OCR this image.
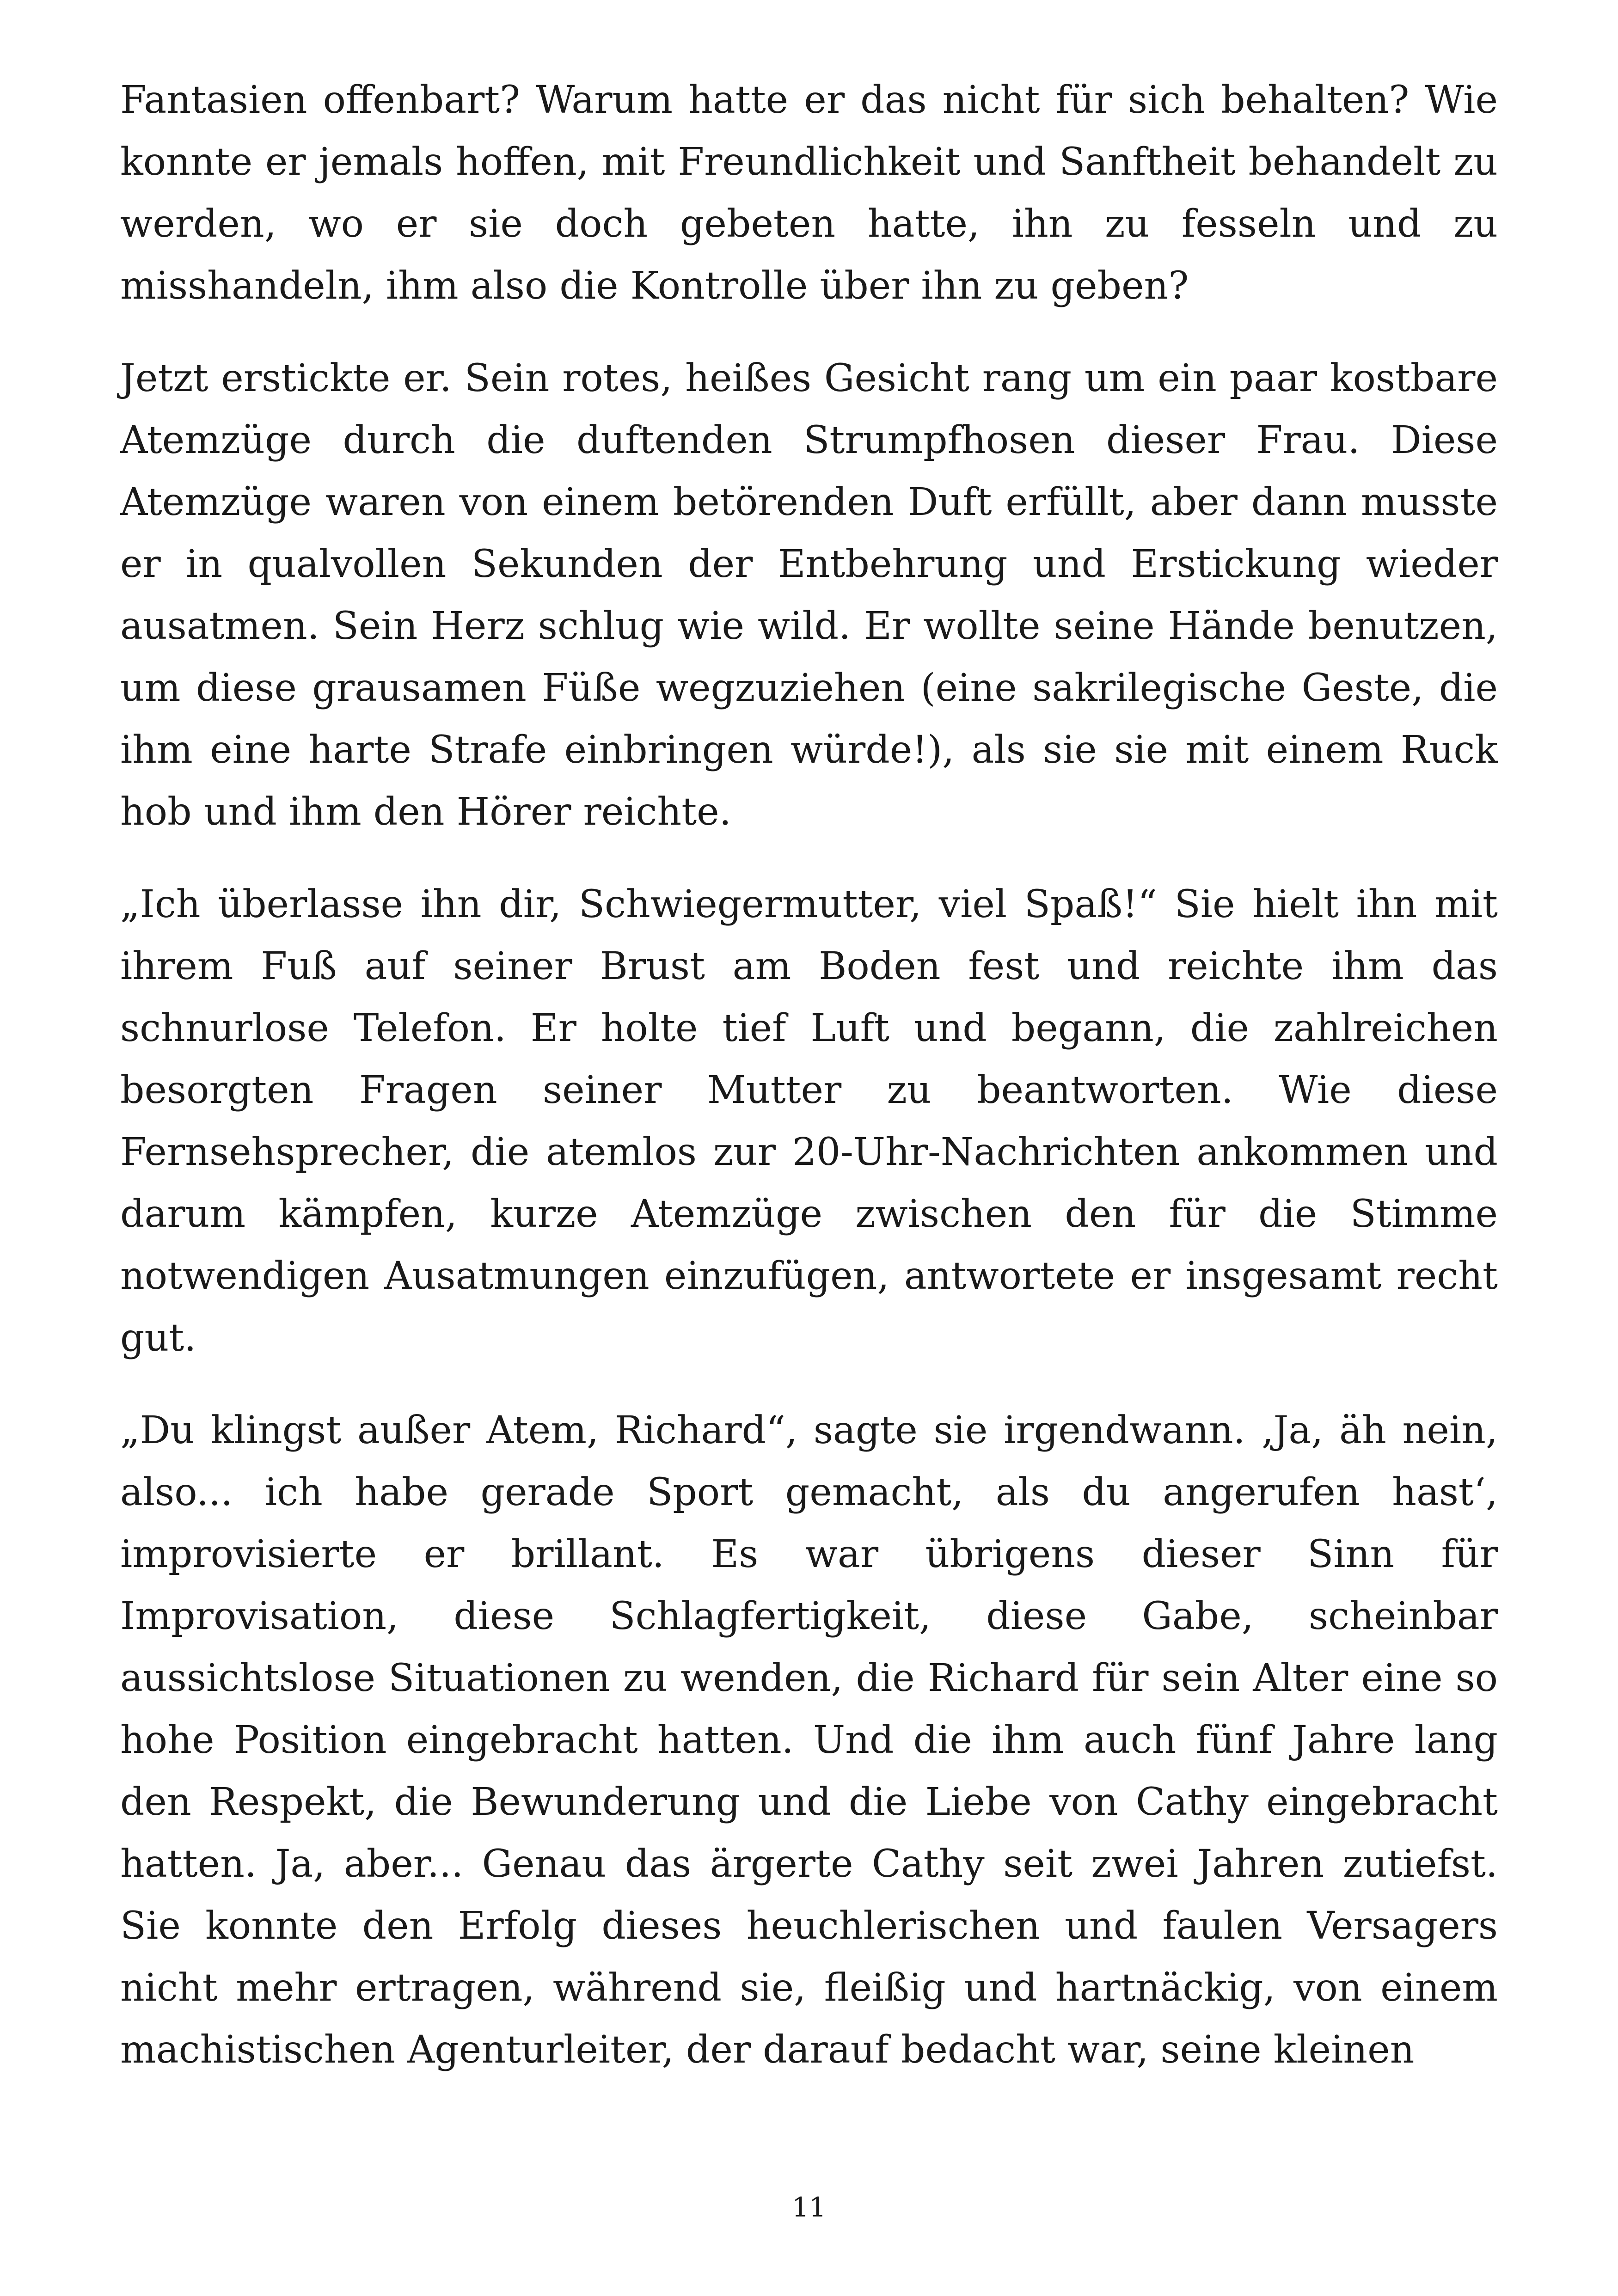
Fantasien offenbart? Warum hatte er das nicht für sich behalten? Wie konnte er jemals hoffen, mit Freundlichkeit und Sanftheit behandelt zu werden, wo er sie doch gebeten hatte, ihn zu fesseln und zu misshandeln, ihm also die Kontrolle über ihn zu geben?

Jetzt erstickte er. Sein rotes, heißes Gesicht rang um ein paar kostbare Atemzüge durch die duftenden Strumpfhosen dieser Frau. Diese Atemzüge waren von einem betörenden Duft erfüllt, aber dann musste er in qualvollen Sekunden der Entbehrung und Erstickung wieder ausatmen. Sein Herz schlug wie wild. Er wollte seine Hände benutzen, um diese grausamen Füße wegzuziehen (eine sakrilegische Geste, die ihm eine harte Strafe einbringen würde!), als sie sie mit einem Ruck hob und ihm den Hörer reichte.

„Ich überlasse ihn dir, Schwiegermutter, viel Spaß!“ Sie hielt ihn mit ihrem Fuß auf seiner Brust am Boden fest und reichte ihm das schnurlose Telefon. Er holte tief Luft und begann, die zahlreichen besorgten Fragen seiner Mutter zu beantworten. Wie diese Fernsehsprecher, die atemlos zur 20-Uhr-Nachrichten ankommen und darum kämpfen, kurze Atemzüge zwischen den für die Stimme notwendigen Ausatmungen einzufügen, antwortete er insgesamt recht gut.

„Du klingst außer Atem, Richard“, sagte sie irgendwann. ‚Ja, äh nein, also... ich habe gerade Sport gemacht, als du angerufen hast‘, improvisierte er brillant. Es war übrigens dieser Sinn für Improvisation, diese Schlagfertigkeit, diese Gabe, scheinbar aussichtslose Situationen zu wenden, die Richard für sein Alter eine so hohe Position eingebracht hatten. Und die ihm auch fünf Jahre lang den Respekt, die Bewunderung und die Liebe von Cathy eingebracht hatten. Ja, aber... Genau das ärgerte Cathy seit zwei Jahren zutiefst. Sie konnte den Erfolg dieses heuchlerischen und faulen Versagers nicht mehr ertragen, während sie, fleißig und hartnäckig, von einem machistischen Agenturleiter, der darauf bedacht war, seine kleinen

11
